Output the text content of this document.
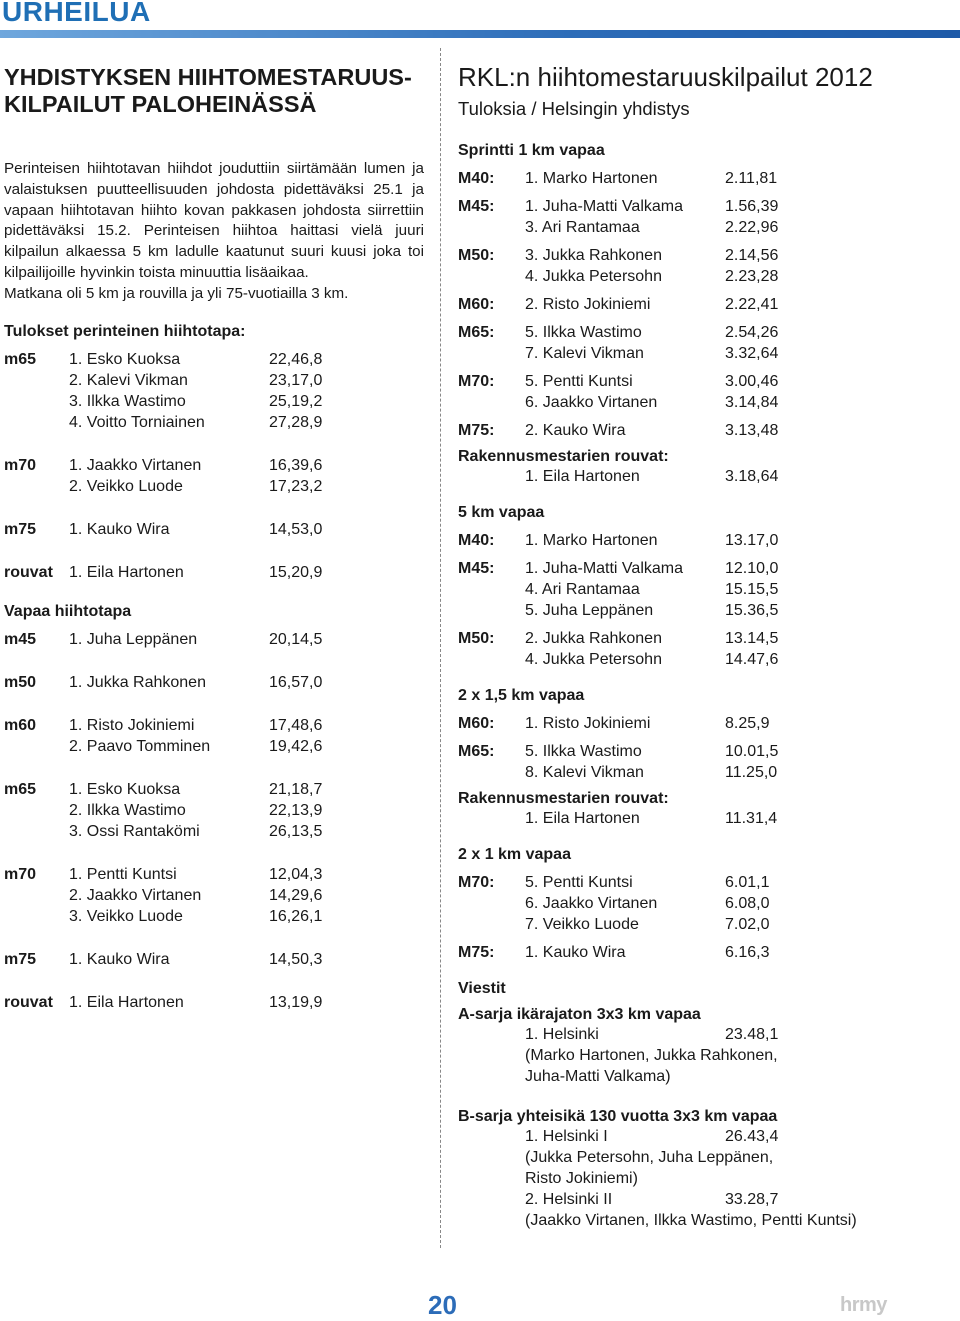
URHEILUA
YHDISTYKSEN HIIHTOMESTARUUS-
KILPAILUT PALOHEINÄSSÄ

Perinteisen hiihtotavan hiihdot jouduttiin siirtämään lumen ja valaistuksen puutteellisuuden johdosta pidettäväksi 25.1 ja vapaan hiihtotavan hiihto kovan pakkasen johdosta siirrettiin pidettäväksi 15.2. Perinteisen hiihtoa haittasi vielä juuri kilpailun alkaessa 5 km ladulle kaatunut suuri kuusi joka toi kilpailijoille hyvinkin toista minuuttia lisäaikaa.

Matkana oli 5 km ja rouvilla ja yli 75-vuotiailla 3 km.

Tulokset perinteinen hiihtotapa:
m65	1. Esko Kuoksa	22,46,8
2. Kalevi Vikman	23,17,0
3. Ilkka Wastimo	25,19,2
4. Voitto Torniainen	27,28,9
m70	1. Jaakko Virtanen	16,39,6
2. Veikko Luode	17,23,2
m75	1. Kauko Wira	14,53,0
rouvat	1. Eila Hartonen	15,20,9
Vapaa hiihtotapa
m45	1. Juha Leppänen	20,14,5
m50	1. Jukka Rahkonen	16,57,0
m60	1. Risto Jokiniemi	17,48,6
2. Paavo Tomminen	19,42,6
m65	1. Esko Kuoksa	21,18,7
2. Ilkka Wastimo	22,13,9
3. Ossi Rantakömi	26,13,5
m70	1. Pentti Kuntsi	12,04,3
2. Jaakko Virtanen	14,29,6
3. Veikko Luode	16,26,1
m75	1. Kauko Wira	14,50,3
rouvat	1. Eila Hartonen	13,19,9
RKL:n hiihtomestaruuskilpailut 2012
Tuloksia / Helsingin yhdistys
Sprintti 1 km vapaa
M40:	1. Marko Hartonen	2.11,81
M45:	1. Juha-Matti Valkama	1.56,39
3. Ari Rantamaa	2.22,96
M50:	3. Jukka Rahkonen	2.14,56
4. Jukka Petersohn	2.23,28
M60:	2. Risto Jokiniemi	2.22,41
M65:	5. Ilkka Wastimo	2.54,26
7. Kalevi Vikman	3.32,64
M70:	5. Pentti Kuntsi	3.00,46
6. Jaakko Virtanen	3.14,84
M75:	2. Kauko Wira	3.13,48
Rakennusmestarien rouvat:
1. Eila Hartonen	3.18,64
5 km vapaa
M40:	1. Marko Hartonen	13.17,0
M45:	1. Juha-Matti Valkama	12.10,0
4. Ari Rantamaa	15.15,5
5. Juha Leppänen	15.36,5
M50:	2. Jukka Rahkonen	13.14,5
4. Jukka Petersohn	14.47,6
2 x 1,5 km vapaa
M60:	1. Risto Jokiniemi	8.25,9
M65:	5. Ilkka Wastimo	10.01,5
8. Kalevi Vikman	11.25,0
Rakennusmestarien rouvat:
1. Eila Hartonen	11.31,4
2 x 1 km vapaa
M70:	5. Pentti Kuntsi	6.01,1
6. Jaakko Virtanen	6.08,0
7. Veikko Luode	7.02,0
M75:	1. Kauko Wira	6.16,3
Viestit
A-sarja ikärajaton 3x3 km vapaa
1. Helsinki	23.48,1
(Marko Hartonen, Jukka Rahkonen,
Juha-Matti Valkama)
B-sarja yhteisikä 130 vuotta 3x3 km vapaa
1. Helsinki I	26.43,4
(Jukka Petersohn, Juha Leppänen,
Risto Jokiniemi)
2. Helsinki II	33.28,7
(Jaakko Virtanen, Ilkka Wastimo, Pentti Kuntsi)
20	hrmy
